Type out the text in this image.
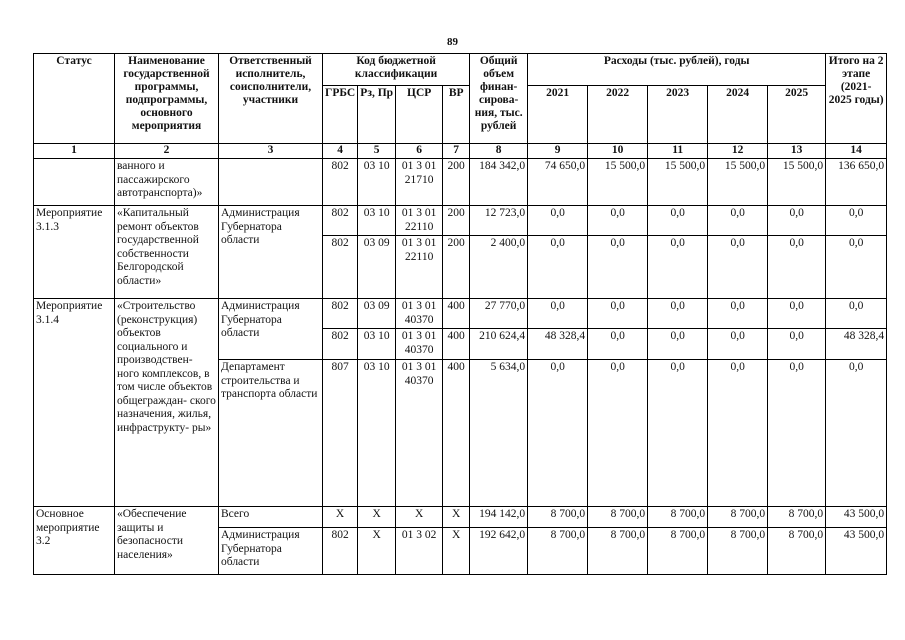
89
Статус	Наименование государственной программы, подпрограммы, основного мероприятия	Ответственный исполнитель, соисполнители, участники	Код бюджетной классификации				Общий объем финан- сирова- ния, тыс. рублей	Расходы (тыс. рублей), годы					Итого на 2 этапе (2021- 2025 годы)
			ГРБС	Рз, Пр	ЦСР	ВР		2021	2022	2023	2024	2025	
1	2	3	4	5	6	7	8	9	10	11	12	13	14
	ванного и пассажирского автотранспорта)»		802	03 10	01 3 01 21710	200	184 342,0	74 650,0	15 500,0	15 500,0	15 500,0	15 500,0	136 650,0
Мероприятие 3.1.3	«Капитальный ремонт объектов государственной собственности Белгородской области»	Администрация Губернатора области	802	03 10	01 3 01 22110	200	12 723,0	0,0	0,0	0,0	0,0	0,0	0,0
			802	03 09	01 3 01 22110	200	2 400,0	0,0	0,0	0,0	0,0	0,0	0,0
Мероприятие 3.1.4	«Строительство (реконструкция) объектов социального и производствен- ного комплексов, в том числе объектов общеграждан- ского назначения, жилья, инфраструкту- ры»	Администрация Губернатора области	802	03 09	01 3 01 40370	400	27 770,0	0,0	0,0	0,0	0,0	0,0	0,0
			802	03 10	01 3 01 40370	400	210 624,4	48 328,4	0,0	0,0	0,0	0,0	48 328,4
		Департамент строительства и транспорта области	807	03 10	01 3 01 40370	400	5 634,0	0,0	0,0	0,0	0,0	0,0	0,0
Основное мероприятие 3.2	«Обеспечение защиты и безопасности населения»	Всего	Х	Х	Х	Х	194 142,0	8 700,0	8 700,0	8 700,0	8 700,0	8 700,0	43 500,0
		Администрация Губернатора области	802	Х	01 3 02	Х	192 642,0	8 700,0	8 700,0	8 700,0	8 700,0	8 700,0	43 500,0
